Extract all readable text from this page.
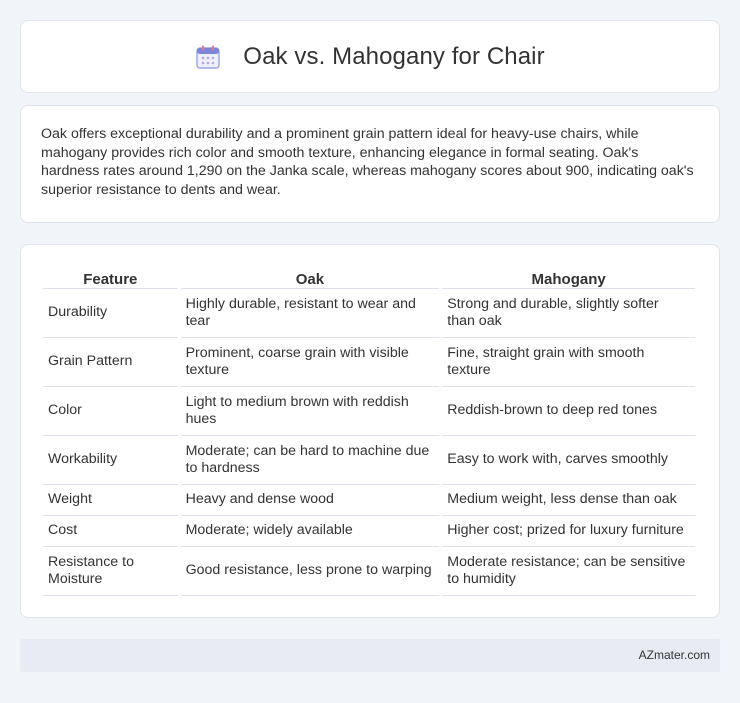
Oak vs. Mahogany for Chair

Oak offers exceptional durability and a prominent grain pattern ideal for heavy-use chairs, while mahogany provides rich color and smooth texture, enhancing elegance in formal seating. Oak's hardness rates around 1,290 on the Janka scale, whereas mahogany scores about 900, indicating oak's superior resistance to dents and wear.

Feature	Oak	Mahogany
Durability	Highly durable, resistant to wear and tear	Strong and durable, slightly softer than oak
Grain Pattern	Prominent, coarse grain with visible texture	Fine, straight grain with smooth texture
Color	Light to medium brown with reddish hues	Reddish-brown to deep red tones
Workability	Moderate; can be hard to machine due to hardness	Easy to work with, carves smoothly
Weight	Heavy and dense wood	Medium weight, less dense than oak
Cost	Moderate; widely available	Higher cost; prized for luxury furniture
Resistance to Moisture	Good resistance, less prone to warping	Moderate resistance; can be sensitive to humidity
AZmater.com
